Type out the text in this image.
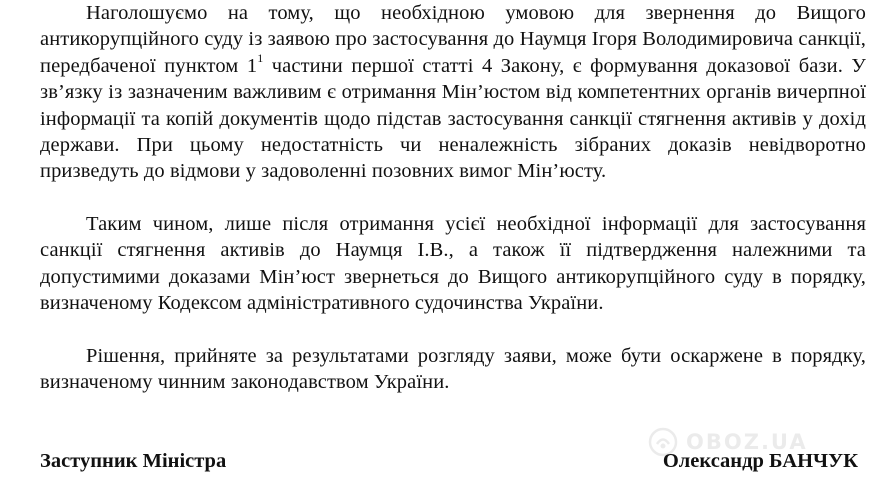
Наголошуємо на тому, що необхідною умовою для звернення до Вищого антикорупційного суду із заявою про застосування до Наумця Ігоря Володимировича санкції, передбаченої пунктом $1^1$ частини першої статті 4 Закону, є формування доказової бази. У зв’язку із зазначеним важливим є отримання Мін’юстом від компетентних органів вичерпної інформації та копій документів щодо підстав застосування санкції стягнення активів у дохід держави. При цьому недостатність чи неналежність зібраних доказів невідворотно призведуть до відмови у задоволенні позовних вимог Мін’юсту.

Таким чином, лише після отримання усієї необхідної інформації для застосування санкції стягнення активів до Наумця І.В., а також її підтвердження належними та допустимими доказами Мін’юст звернеться до Вищого антикорупційного суду в порядку, визначеному Кодексом адміністративного судочинства України.

Рішення, прийняте за результатами розгляду заяви, може бути оскаржене в порядку, визначеному чинним законодавством України.

OBOZ.UA
Заступник Міністра	Олександр БАНЧУК
